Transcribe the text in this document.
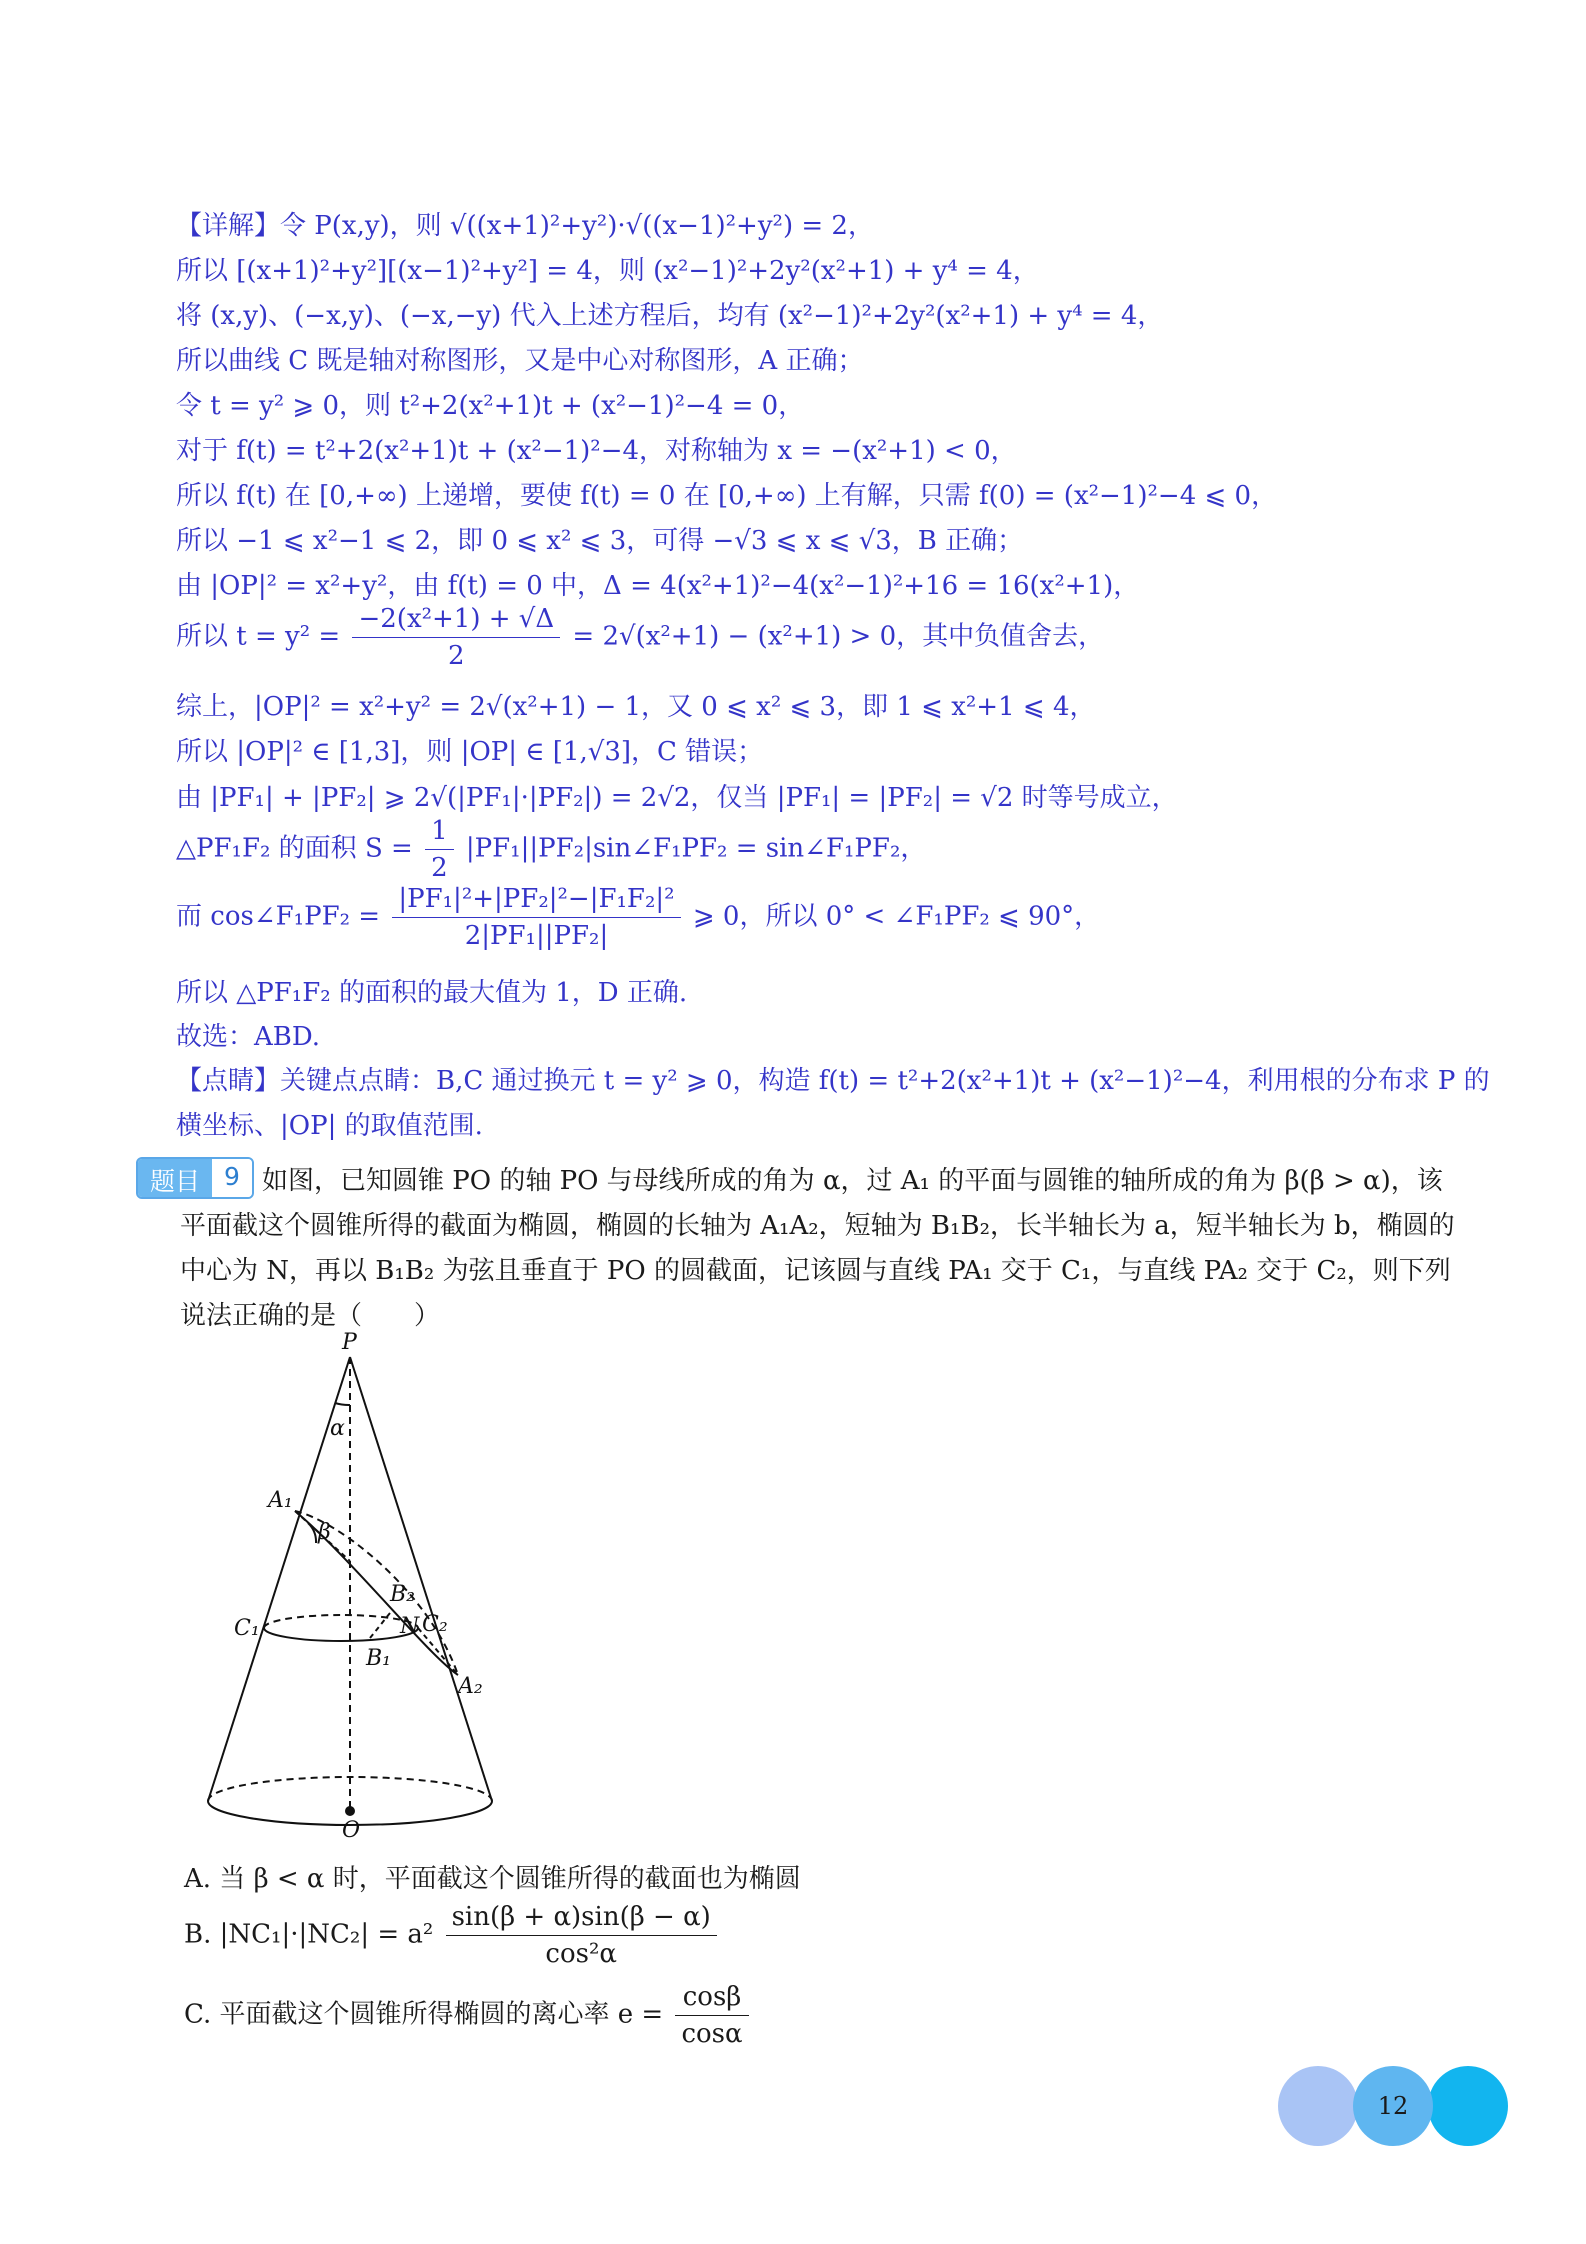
【详解】令 P(x,y)，则 √((x+1)²+y²)·√((x−1)²+y²) = 2，
所以 [(x+1)²+y²][(x−1)²+y²] = 4，则 (x²−1)²+2y²(x²+1) + y⁴ = 4，
将 (x,y)、(−x,y)、(−x,−y) 代入上述方程后，均有 (x²−1)²+2y²(x²+1) + y⁴ = 4，
所以曲线 C 既是轴对称图形，又是中心对称图形，A 正确；
令 t = y² ⩾ 0，则 t²+2(x²+1)t + (x²−1)²−4 = 0，
对于 f(t) = t²+2(x²+1)t + (x²−1)²−4，对称轴为 x = −(x²+1) < 0，
所以 f(t) 在 [0,+∞) 上递增，要使 f(t) = 0 在 [0,+∞) 上有解，只需 f(0) = (x²−1)²−4 ⩽ 0，
所以 −1 ⩽ x²−1 ⩽ 2，即 0 ⩽ x² ⩽ 3，可得 −√3 ⩽ x ⩽ √3，B 正确；
由 |OP|² = x²+y²，由 f(t) = 0 中，Δ = 4(x²+1)²−4(x²−1)²+16 = 16(x²+1)，
所以 $t = y^2 = \frac{\text{−2(x²+1) + √Δ}}{2} = 2√(x^2+1) - (x^2+1) > 0$，其中负值舍去，
综上，|OP|² = x²+y² = 2√(x²+1) − 1，又 0 ⩽ x² ⩽ 3，即 1 ⩽ x²+1 ⩽ 4，
所以 |OP|² ∈ [1,3]，则 |OP| ∈ [1,√3]，C 错误；
由 |PF₁| + |PF₂| ⩾ 2√(|PF₁|·|PF₂|) = 2√2，仅当 |PF₁| = |PF₂| = √2 时等号成立，
△PF₁F₂ 的面积 $S = \frac{1}{2}$ |PF₁||PF₂|sin∠F₁PF₂ = sin∠F₁PF₂，
而 cos∠F₁PF₂ = $\frac{\text{|PF₁|²+|PF₂|²−|F₁F₂|²}}{\text{2|PF₁||PF₂|}}$ ⩾ 0，所以 0° < ∠F₁PF₂ ⩽ 90°，
所以 △PF₁F₂ 的面积的最大值为 1，D 正确.
故选：ABD.
【点睛】关键点点睛：B,C 通过换元 t = y² ⩾ 0，构造 f(t) = t²+2(x²+1)t + (x²−1)²−4，利用根的分布求 P 的
横坐标、|OP| 的取值范围.
题目 9 如图，已知圆锥 PO 的轴 PO 与母线所成的角为 α，过 A₁ 的平面与圆锥的轴所成的角为 β(β > α)，该
平面截这个圆锥所得的截面为椭圆，椭圆的长轴为 A₁A₂，短轴为 B₁B₂，长半轴长为 a，短半轴长为 b，椭圆的
中心为 N，再以 B₁B₂ 为弦且垂直于 PO 的圆截面，记该圆与直线 PA₁ 交于 C₁，与直线 PA₂ 交于 C₂，则下列
说法正确的是（　　）
P
α
A₁
β
B₂
C₁	N C₂
B₁
A₂
O
A. 当 β < α 时，平面截这个圆锥所得的截面也为椭圆
B. $|NC_1|\cdot|NC_2| = a^2 \frac{\sin(\beta + \alpha)\sin(\beta - \alpha)}{\text{cos²α}}$
C. 平面截这个圆锥所得椭圆的离心率 $e = \frac{\cos\beta}{\cos\alpha}$
12
